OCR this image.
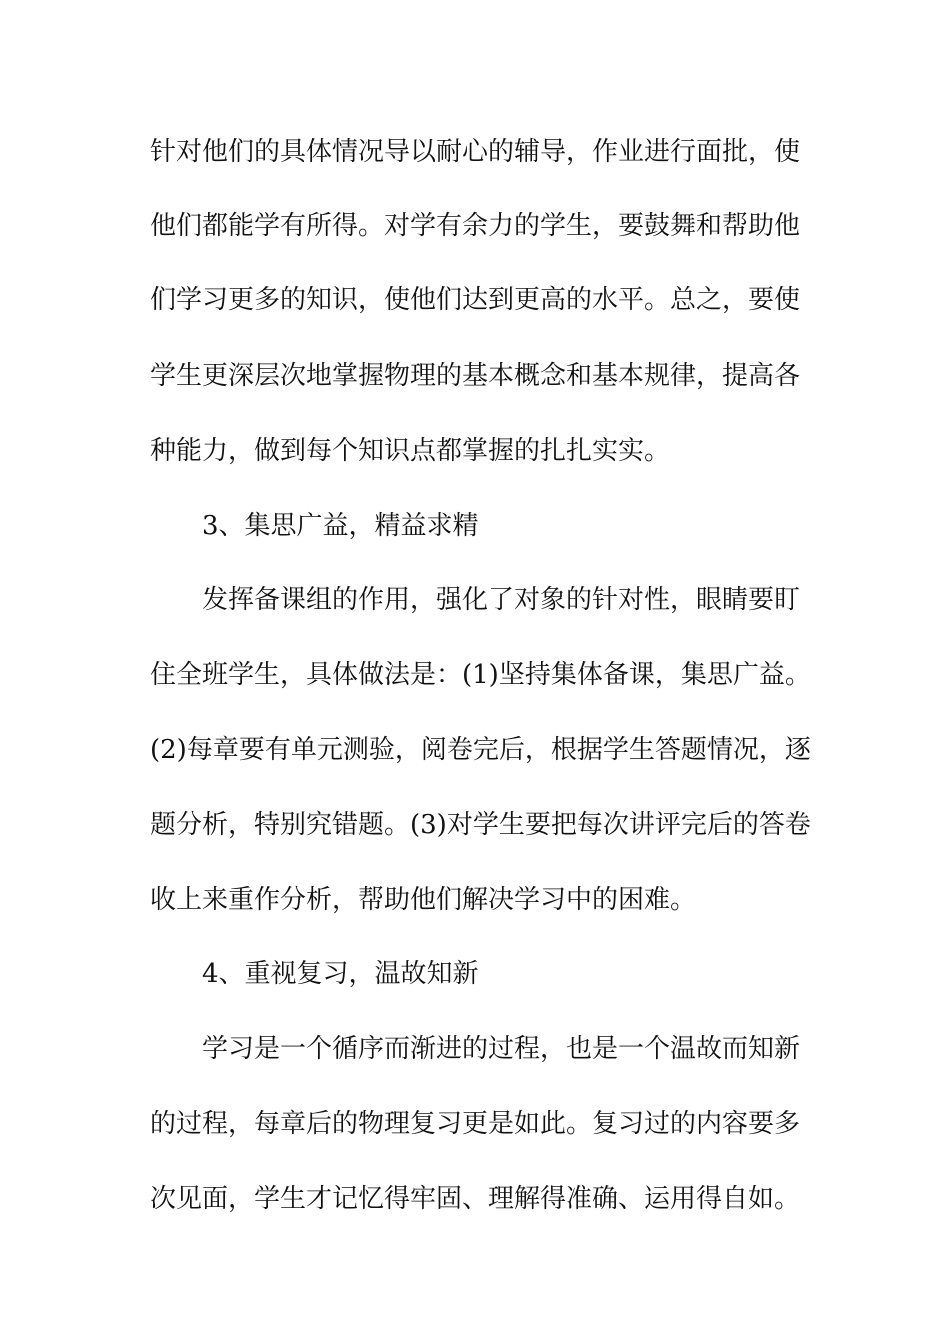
针对他们的具体情况导以耐心的辅导，作业进行面批，使
他们都能学有所得。对学有余力的学生，要鼓舞和帮助他
们学习更多的知识，使他们达到更高的水平。总之，要使
学生更深层次地掌握物理的基本概念和基本规律，提高各
种能力，做到每个知识点都掌握的扎扎实实。
3、集思广益，精益求精
发挥备课组的作用，强化了对象的针对性，眼睛要盯
住全班学生，具体做法是：(1)坚持集体备课，集思广益。
(2)每章要有单元测验，阅卷完后，根据学生答题情况，逐
题分析，特别究错题。(3)对学生要把每次讲评完后的答卷
收上来重作分析，帮助他们解决学习中的困难。
4、重视复习，温故知新
学习是一个循序而渐进的过程，也是一个温故而知新
的过程，每章后的物理复习更是如此。复习过的内容要多
次见面，学生才记忆得牢固、理解得准确、运用得自如。
